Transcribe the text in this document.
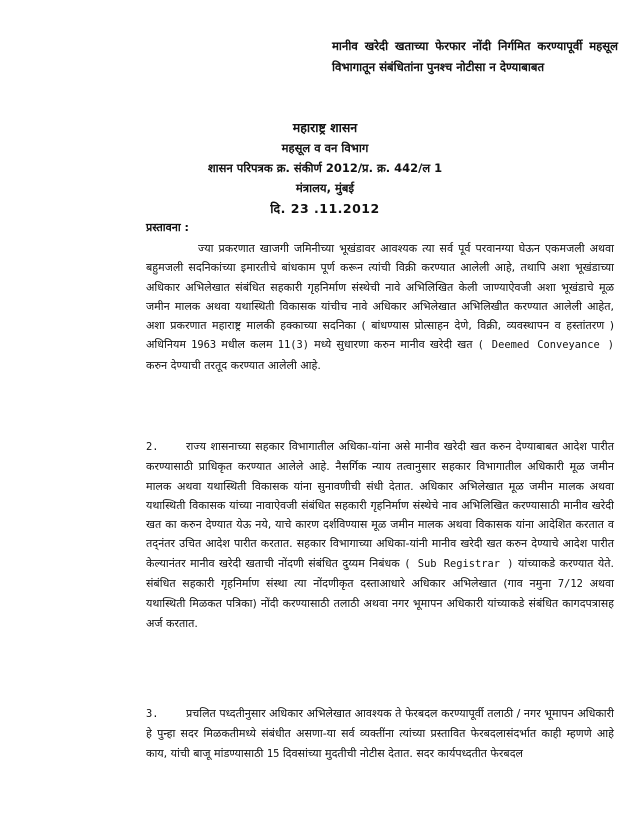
मानीव खरेदी खताच्या फेरफार नोंदी निर्गमित करण्यापूर्वी महसूल विभागातून संबंधितांना पुनश्च नोटीसा न देण्याबाबत
महाराष्ट्र शासन
महसूल व वन विभाग
शासन परिपत्रक क्र. संकीर्ण 2012/प्र. क्र. 442/ल 1
मंत्रालय, मुंबई
दि. 23 .11.2012
प्रस्तावना :
ज्या प्रकरणात खाजगी जमिनीच्या भूखंडावर आवश्यक त्या सर्व पूर्व परवानग्या घेऊन एकमजली अथवा बहुमजली सदनिकांच्या इमारतीचे बांधकाम पूर्ण करून त्यांची विक्री करण्यात आलेली आहे, तथापि अशा भूखंडाच्या अधिकार अभिलेखात संबंधित सहकारी गृहनिर्माण संस्थेची नावे अभिलिखित केली जाण्याऐवजी अशा भूखंडाचे मूळ जमीन मालक अथवा यथास्थिती विकासक यांचीच नावे अधिकार अभिलेखात अभिलिखीत करण्यात आलेली आहेत, अशा प्रकरणात महाराष्ट्र मालकी हक्काच्या सदनिका ( बांधण्यास प्रोत्साहन देणे, विक्री, व्यवस्थापन व हस्तांतरण ) अधिनियम 1963 मधील कलम 11(3) मध्ये सुधारणा करुन मानीव खरेदी खत ( Deemed Conveyance ) करुन देण्याची तरतूद करण्यात आलेली आहे.
2. राज्य शासनाच्या सहकार विभागातील अधिका-यांना असे मानीव खरेदी खत करुन देण्याबाबत आदेश पारीत करण्यासाठी प्राधिकृत करण्यात आलेले आहे. नैसर्गिक न्याय तत्वानुसार सहकार विभागातील अधिकारी मूळ जमीन मालक अथवा यथास्थिती विकासक यांना सुनावणीची संधी देतात. अधिकार अभिलेखात मूळ जमीन मालक अथवा यथास्थिती विकासक यांच्या नावाऐवजी संबंधित सहकारी गृहनिर्माण संस्थेचे नाव अभिलिखित करण्यासाठी मानीव खरेदी खत का करुन देण्यात येऊ नये, याचे कारण दर्शविण्यास मूळ जमीन मालक अथवा विकासक यांना आदेशित करतात व तद्नंतर उचित आदेश पारीत करतात. सहकार विभागाच्या अधिका-यांनी मानीव खरेदी खत करुन देण्याचे आदेश पारीत केल्यानंतर मानीव खरेदी खताची नोंदणी संबंधित दुय्यम निबंधक ( Sub Registrar ) यांच्याकडे करण्यात येते. संबंधित सहकारी गृहनिर्माण संस्था त्या नोंदणीकृत दस्ताआधारे अधिकार अभिलेखात (गाव नमुना 7/12 अथवा यथास्थिती मिळकत पत्रिका) नोंदी करण्यासाठी तलाठी अथवा नगर भूमापन अधिकारी यांच्याकडे संबंधित कागदपत्रासह अर्ज करतात.
3. प्रचलित पध्दतीनुसार अधिकार अभिलेखात आवश्यक ते फेरबदल करण्यापूर्वी तलाठी / नगर भूमापन अधिकारी हे पुन्हा सदर मिळकतीमध्ये संबंधीत असणा-या सर्व व्यक्तींना त्यांच्या प्रस्तावित फेरबदलासंदर्भात काही म्हणणे आहे काय, यांची बाजू मांडण्यासाठी 15 दिवसांच्या मुदतीची नोटीस देतात. सदर कार्यपध्दतीत फेरबदल
